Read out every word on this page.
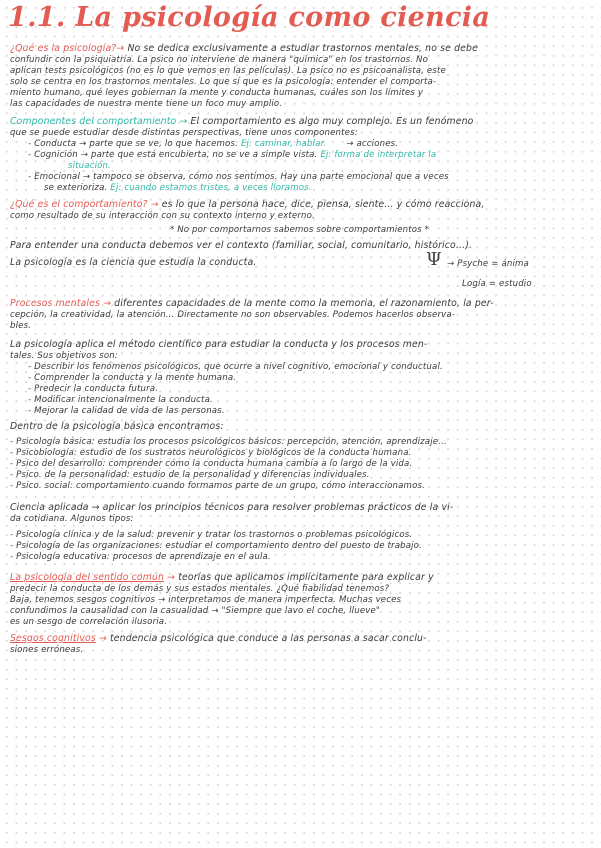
1.1. La psicología como ciencia

¿Qué es la psicología?→ No se dedica exclusivamente a estudiar trastornos mentales, no se debe

confundir con la psiquiatría. La psico no interviene de manera "química" en los trastornos. No

aplican tests psicológicos (no es lo que vemos en las películas). La psico no es psicoanalista, este

solo se centra en los trastornos mentales. Lo que sí que es la psicología: entender el comporta-

miento humano, qué leyes gobiernan la mente y conducta humanas, cuáles son los límites y

las capacidades de nuestra mente tiene un foco muy amplio.

Componentes del comportamiento → El comportamiento es algo muy complejo. Es un fenómeno

que se puede estudiar desde distintas perspectivas, tiene unos componentes:

- Conducta → parte que se ve, lo que hacemos. Ej: caminar, hablar. → acciones.

- Cognición → parte que está encubierta, no se ve a simple vista. Ej: forma de interpretar la

situación.

- Emocional → tampoco se observa, cómo nos sentimos. Hay una parte emocional que a veces

se exterioriza. Ej: cuando estamos tristes, a veces lloramos.

¿Qué es el comportamiento? → es lo que la persona hace, dice, piensa, siente... y cómo reacciona,

como resultado de su interacción con su contexto interno y externo.

* No por comportarnos sabemos sobre comportamientos *

Para entender una conducta debemos ver el contexto (familiar, social, comunitario, histórico...).

La psicología es la ciencia que estudia la conducta.	Ψ → Psyche = ánima

Logía = estudio

Procesos mentales → diferentes capacidades de la mente como la memoria, el razonamiento, la per-

cepción, la creatividad, la atención... Directamente no son observables. Podemos hacerlos observa-

bles.

La psicología aplica el método científico para estudiar la conducta y los procesos men-

tales. Sus objetivos son:

- Describir los fenómenos psicológicos, que ocurre a nivel cognitivo, emocional y conductual.

- Comprender la conducta y la mente humana.

- Predecir la conducta futura.

- Modificar intencionalmente la conducta.

- Mejorar la calidad de vida de las personas.

Dentro de la psicología básica encontramos:

- Psicología básica: estudia los procesos psicológicos básicos: percepción, atención, aprendizaje...

- Psicobiología: estudio de los sustratos neurológicos y biológicos de la conducta humana.

- Psico del desarrollo: comprender cómo la conducta humana cambia a lo largo de la vida.

- Psico. de la personalidad: estudio de la personalidad y diferencias individuales.

- Psico. social: comportamiento cuando formamos parte de un grupo, cómo interaccionamos.

Ciencia aplicada → aplicar los principios técnicos para resolver problemas prácticos de la vi-

da cotidiana. Algunos tipos:

- Psicología clínica y de la salud: prevenir y tratar los trastornos o problemas psicológicos.

- Psicología de las organizaciones: estudiar el comportamiento dentro del puesto de trabajo.

- Psicología educativa: procesos de aprendizaje en el aula.

La psicología del sentido común → teorías que aplicamos implícitamente para explicar y

predecir la conducta de los demás y sus estados mentales. ¿Qué fiabilidad tenemos?

Baja, tenemos sesgos cognitivos → interpretamos de manera imperfecta. Muchas veces

confundimos la causalidad con la casualidad → "Siempre que lavo el coche, llueve"

es un sesgo de correlación ilusoria.

Sesgos cognitivos → tendencia psicológica que conduce a las personas a sacar conclu-

siones erróneas.
